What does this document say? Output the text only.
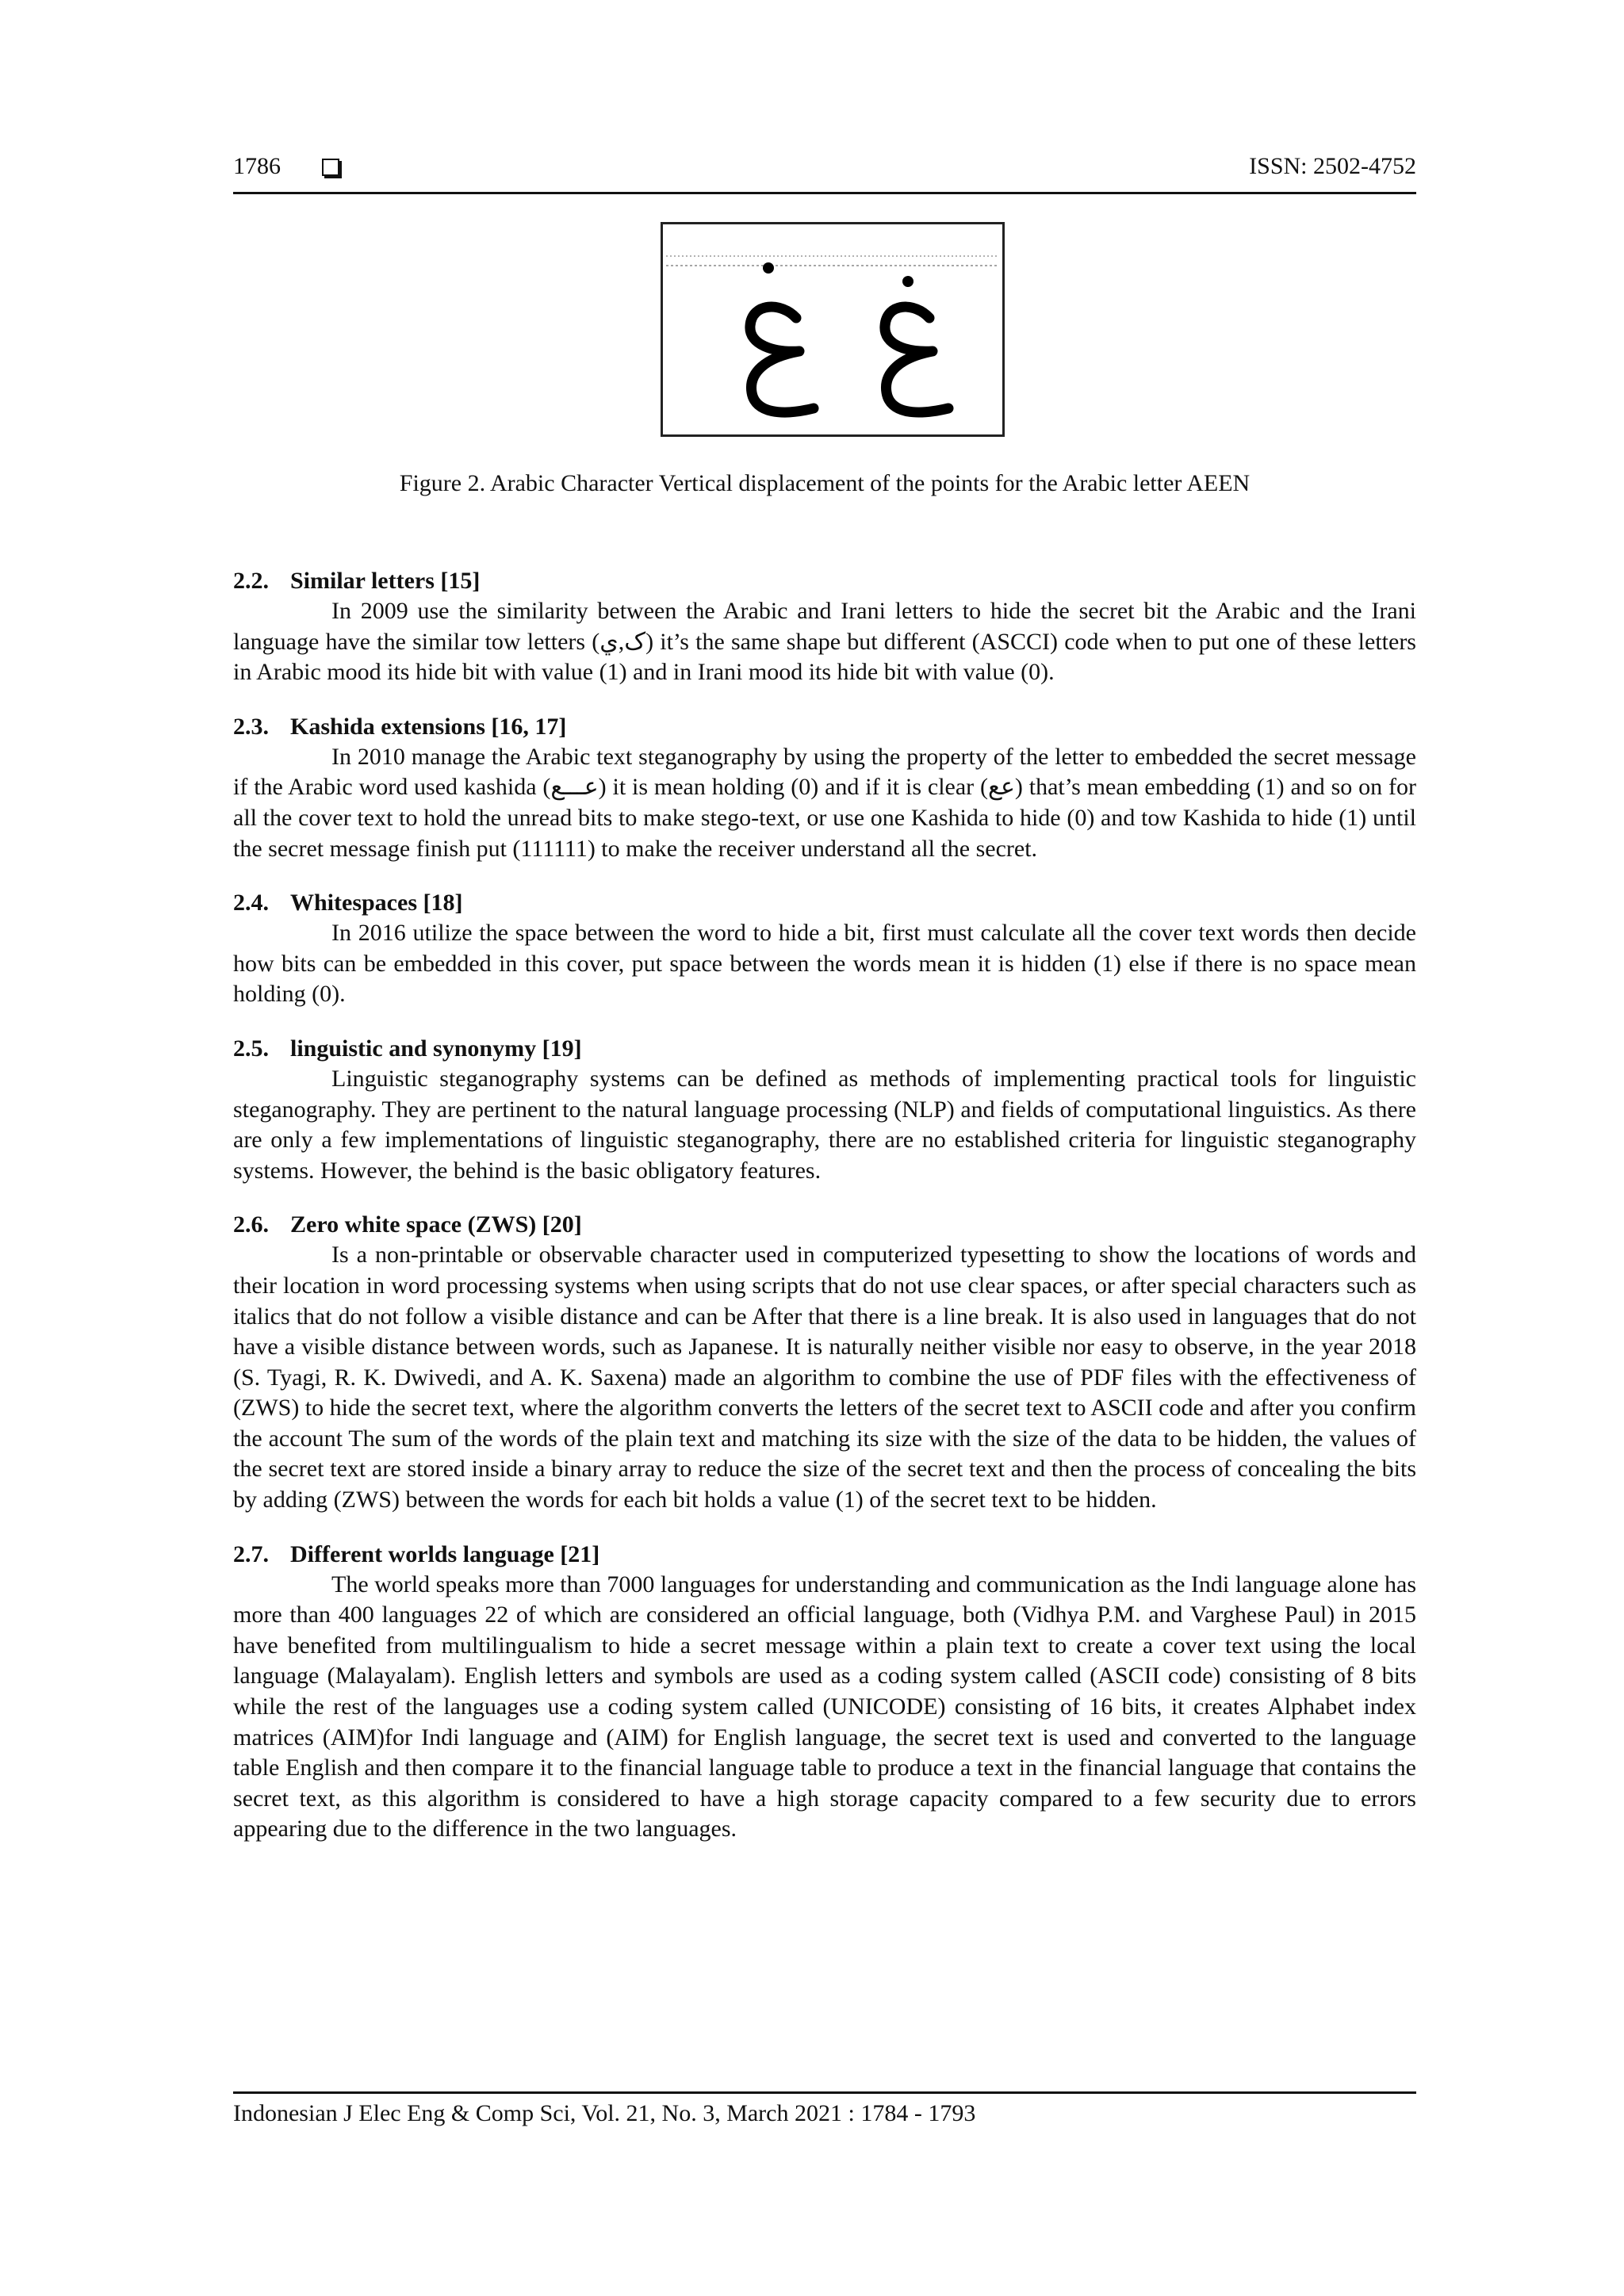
1786	ISSN: 2502-4752
Figure 2. Arabic Character Vertical displacement of the points for the Arabic letter AEEN

2.2. Similar letters [15]

In 2009 use the similarity between the Arabic and Irani letters to hide the secret bit the Arabic and the Irani language have the similar tow letters (ک,ي) it’s the same shape but different (ASCCI) code when to put one of these letters in Arabic mood its hide bit with value (1) and in Irani mood its hide bit with value (0).

2.3. Kashida extensions [16, 17]

In 2010 manage the Arabic text steganography by using the property of the letter to embedded the secret message if the Arabic word used kashida (عـــع) it is mean holding (0) and if it is clear (عع) that’s mean embedding (1) and so on for all the cover text to hold the unread bits to make stego-text, or use one Kashida to hide (0) and tow Kashida to hide (1) until the secret message finish put (111111) to make the receiver understand all the secret.

2.4. Whitespaces [18]

In 2016 utilize the space between the word to hide a bit, first must calculate all the cover text words then decide how bits can be embedded in this cover, put space between the words mean it is hidden (1) else if there is no space mean holding (0).

2.5. linguistic and synonymy [19]

Linguistic steganography systems can be defined as methods of implementing practical tools for linguistic steganography. They are pertinent to the natural language processing (NLP) and fields of computational linguistics. As there are only a few implementations of linguistic steganography, there are no established criteria for linguistic steganography systems. However, the behind is the basic obligatory features.

2.6. Zero white space (ZWS) [20]

Is a non-printable or observable character used in computerized typesetting to show the locations of words and their location in word processing systems when using scripts that do not use clear spaces, or after special characters such as italics that do not follow a visible distance and can be After that there is a line break. It is also used in languages that do not have a visible distance between words, such as Japanese. It is naturally neither visible nor easy to observe, in the year 2018 (S. Tyagi, R. K. Dwivedi, and A. K. Saxena) made an algorithm to combine the use of PDF files with the effectiveness of (ZWS) to hide the secret text, where the algorithm converts the letters of the secret text to ASCII code and after you confirm the account The sum of the words of the plain text and matching its size with the size of the data to be hidden, the values of the secret text are stored inside a binary array to reduce the size of the secret text and then the process of concealing the bits by adding (ZWS) between the words for each bit holds a value (1) of the secret text to be hidden.

2.7. Different worlds language [21]

The world speaks more than 7000 languages for understanding and communication as the Indi language alone has more than 400 languages 22 of which are considered an official language, both (Vidhya P.M. and Varghese Paul) in 2015 have benefited from multilingualism to hide a secret message within a plain text to create a cover text using the local language (Malayalam). English letters and symbols are used as a coding system called (ASCII code) consisting of 8 bits while the rest of the languages use a coding system called (UNICODE) consisting of 16 bits, it creates Alphabet index matrices (AIM)for Indi language and (AIM) for English language, the secret text is used and converted to the language table English and then compare it to the financial language table to produce a text in the financial language that contains the secret text, as this algorithm is considered to have a high storage capacity compared to a few security due to errors appearing due to the difference in the two languages.

Indonesian J Elec Eng & Comp Sci, Vol. 21, No. 3, March 2021 : 1784 - 1793
